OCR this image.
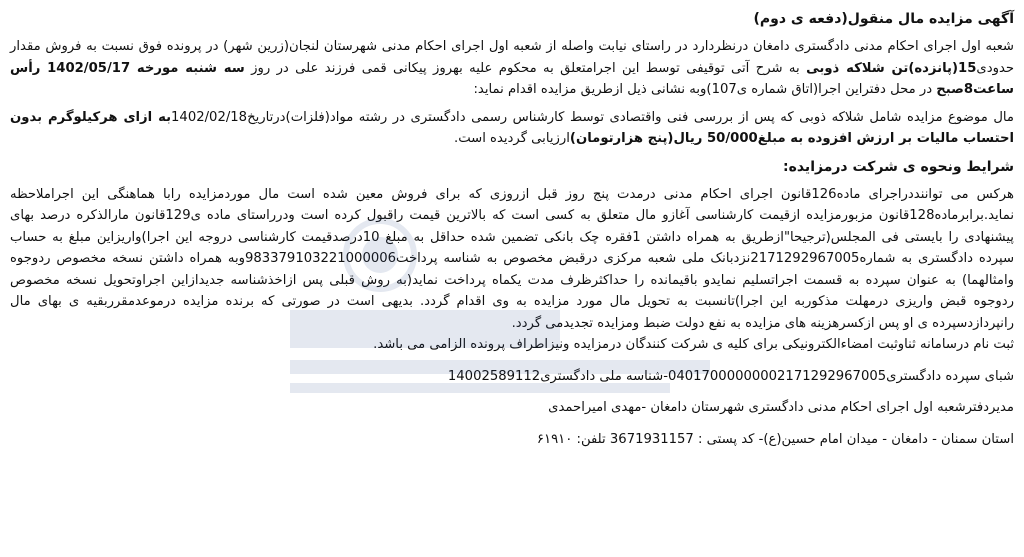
آگهی مزایده مال منقول(دفعه ی دوم)

شعبه اول اجرای احکام مدنی دادگستری دامغان درنظردارد در راستای نیابت واصله از شعبه اول اجرای احکام مدنی شهرستان لنجان(زرین شهر) در پرونده فوق نسبت به فروش مقدار حدودی15(پانزده)تن شلاکه ذوبی به شرح آتی توقیفی توسط این اجرامتعلق به محکوم علیه بهروز پیکانی قمی فرزند علی در روز سه شنبه مورخه 1402/05/17 رأس ساعت8صبح در محل دفتراین اجرا(اتاق شماره ی107)وبه نشانی ذیل ازطریق مزایده اقدام نماید:

مال موضوع مزایده شامل شلاکه ذوبی که پس از بررسی فنی واقتصادی توسط کارشناس رسمی دادگستری در رشته مواد(فلزات)درتاریخ1402/02/18به ازای هرکیلوگرم بدون احتساب مالیات بر ارزش افزوده به مبلغ50/000 ریال(پنج هزارتومان)ارزیابی گردیده است.

شرایط ونحوه ی شرکت درمزایده:

هرکس می تواننددراجرای ماده126قانون اجرای احکام مدنی درمدت پنج روز قبل ازروزی که برای فروش معین شده است مال موردمزایده رابا هماهنگی این اجراملاحظه نماید.برابرماده128قانون مزبورمزایده ازقیمت کارشناسی آغازو مال متعلق به کسی است که بالاترین قیمت راقبول کرده است ودرراستای ماده ی129قانون مارالذکره درصد بهای پیشنهادی را بایستی فی المجلس(ترجیحا"ازطریق به همراه داشتن 1فقره چک بانکی تضمین شده حداقل به مبلغ 10درصدقیمت کارشناسی دروجه این اجرا)واریزاین مبلغ به حساب سپرده دادگستری به شماره2171292967005نزدبانک ملی شعبه مرکزی درقبض مخصوص به شناسه پرداخت983379103221000006وبه همراه داشتن نسخه مخصوص ردوجوه وامثالهما) به عنوان سپرده به قسمت اجراتسلیم نمایدو باقیمانده را حداکثرظرف مدت یکماه پرداخت نماید(به روش قبلی پس ازاخذشناسه جدیدازاین اجراوتحویل نسخه مخصوص ردوجوه قبض واریزی درمهلت مذکوربه این اجرا)تانسبت به تحویل مال مورد مزایده به وی اقدام گردد. بدیهی است در صورتی که برنده مزایده درموعدمقرربقیه ی بهای مال رانپردازدسپرده ی او پس ازکسرهزینه های مزایده به نفع دولت ضبط ومزایده تجدیدمی گردد.

ثبت نام درسامانه ثناوثبت امضاءالکترونیکی برای کلیه ی شرکت کنندگان درمزایده ونیزاطراف پرونده الزامی می باشد.

شبای سپرده دادگستری04017000000002171292967005-شناسه ملی دادگستری14002589112

مدیردفترشعبه اول اجرای احکام مدنی دادگستری شهرستان دامغان -مهدی امیراحمدی

استان سمنان - دامغان - میدان امام حسین(ع)- کد پستی : 3671931157 تلفن: ۶۱۹۱۰
